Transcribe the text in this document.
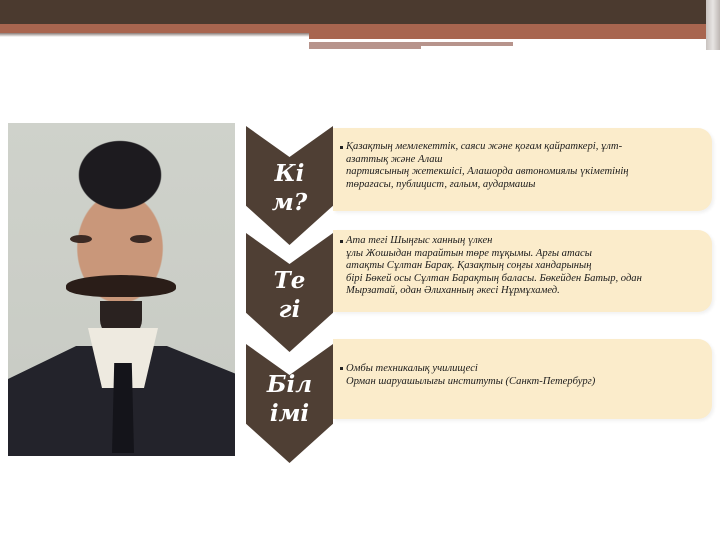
Қазақтың мемлекеттік, саяси және қоғам қайраткері, ұлт-
азаттық және Алаш
партиясының жетекшісі, Алашорда автономиялы үкіметінің
төрағасы, публицист, ғалым, аудармашы
Кі
м?
Ата тегі Шыңғыс ханның үлкен
ұлы Жошыдан тарайтын төре тұқымы. Арғы атасы
атақты Сұлтан Барақ. Қазақтың соңғы хандарының
бірі Бөкей осы Сұлтан Барақтың баласы. Бөкейден Батыр, одан
Мырзатай, одан Әлиханның әкесі Нұрмұхамед.
Те
гі
Омбы техникалық училищесі
Орман шаруашылығы институты (Санкт-Петербург)
Біл
імі
